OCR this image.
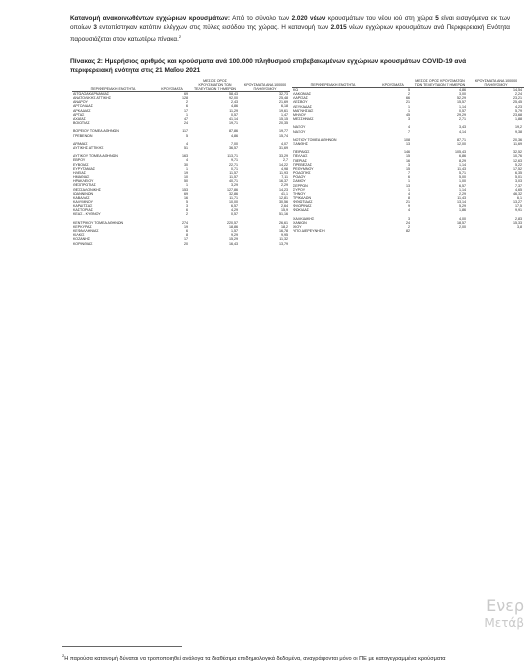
Κατανομή ανακοινωθέντων εγχώριων κρουσμάτων: Από το σύνολο των 2.020 νέων κρουσμάτων του νέου ιού στη χώρα 5 είναι εισαγόμενα εκ των οποίων 3 εντοπίστηκαν κατόπιν ελέγχων στις πύλες εισόδου της χώρας. Η κατανομή των 2.015 νέων εγχώριων κρουσμάτων ανά Περιφερειακή Ενότητα παρουσιάζεται στον κατωτέρω πίνακα.$^2$
Πίνακας 2: Ημερήσιος αριθμός και κρούσματα ανά 100.000 πληθυσμού επιβεβαιωμένων εγχώριων κρουσμάτων COVID-19 ανά περιφερειακή ενότητα στις 21 Μαΐου 2021
ΠΕΡΙΦΕΡΕΙΑΚΗ ΕΝΟΤΗΤΑ	ΚΡΟΥΣΜΑΤΑ	ΜΕΣΟΣ ΟΡΟΣ ΚΡΟΥΣΜΑΤΩΝ ΤΩΝ ΤΕΛΕΥΤΑΙΩΝ 7 ΗΜΕΡΩΝ	ΚΡΟΥΣΜΑΤΑ ΑΝΑ 100000 ΠΛΗΘΥΣΜΟΥ
ΑΙΤΩΛΟΑΚΑΡΝΑΝΙΑΣ	69	58,43	32,73
ΑΝΑΤΟΛΙΚΗΣ ΑΤΤΙΚΗΣ	128	92,00	25,48
ΑΝΔΡΟΥ	2	2,43	21,69
ΑΡΓΟΛΙΔΑΣ	6	4,86	6,18
ΑΡΚΑΔΙΑΣ	17	11,29	19,61
ΑΡΤΑΣ	1	0,57	1,47
ΑΧΑΪΑΣ	47	41,14	15,15
ΒΟΙΩΤΙΑΣ	24	19,71	20,35

ΒΟΡΕΙΟΥ ΤΟΜΕΑ ΑΘΗΝΩΝ	117	87,86	19,77
ΓΡΕΒΕΝΩΝ	5	4,86	15,74

ΔΡΑΜΑΣ	4	7,00	4,07
ΔΥΤΙΚΗΣ ΑΤΤΙΚΗΣ	51	36,57	31,69

ΔΥΤΙΚΟΥ ΤΟΜΕΑ ΑΘΗΝΩΝ	163	113,71	33,29
ΕΒΡΟΥ	4	9,71	2,7
ΕΥΒΟΙΑΣ	30	22,71	14,22
ΕΥΡΥΤΑΝΙΑΣ	1	0,71	4,98
ΗΛΕΙΑΣ	19	11,57	11,93
ΗΜΑΘΙΑΣ	10	11,57	7,11
ΗΡΑΚΛΕΙΟΥ	50	40,71	16,37
ΘΕΣΠΡΩΤΙΑΣ	1	3,29	2,29
ΘΕΣΣΑΛΟΝΙΚΗΣ	153	127,86	14,23
ΙΩΑΝΝΙΝΩΝ	69	32,86	41,1
ΚΑΒΑΛΑΣ	16	11,71	12,81
ΚΑΛΥΜΝΟΥ	5	10,00	30,56
ΚΑΡΔΙΤΣΑΣ	3	6,57	2,64
ΚΑΣΤΟΡΙΑΣ	6	4,29	15,9
ΚΕΑΣ - ΚΥΘΝΟΥ	2	0,57	51,16

ΚΕΝΤΡΙΚΟΥ ΤΟΜΕΑ ΑΘΗΝΩΝ	274	220,57	26,61
ΚΕΡΚΥΡΑΣ	19	18,86	18,2
ΚΕΦΑΛΛΗΝΙΑΣ	6	1,57	16,78
ΚΙΛΚΙΣ	8	9,29	9,95
ΚΟΖΑΝΗΣ	17	15,29	11,32
ΚΟΡΙΝΘΙΑΣ	20	16,43	13,79
ΠΕΡΙΦΕΡΕΙΑΚΗ ΕΝΟΤΗΤΑ	ΚΡΟΥΣΜΑΤΑ	ΜΕΣΟΣ ΟΡΟΣ ΚΡΟΥΣΜΑΤΩΝ ΤΩΝ ΤΕΛΕΥΤΑΙΩΝ 7 ΗΜΕΡΩΝ	ΚΡΟΥΣΜΑΤΑ ΑΝΑ 100000 ΠΛΗΘΥΣΜΟΥ
ΚΩ	5	4,86	14,54
ΛΑΚΩΝΙΑΣ	2	3,00	2,24
ΛΑΡΙΣΑΣ	66	52,29	23,21
ΛΕΣΒΟΥ	21	15,57	25,45
ΛΕΥΚΑΔΑΣ	1	1,14	4,23
ΜΑΓΝΗΣΙΑΣ	1	0,57	5,79
ΜΗΛΟΥ	45	29,29	23,68
ΜΕΣΣΗΝΙΑΣ	3	2,71	1,88

ΝΑΞΟΥ	4	3,43	19,2
ΝΑΞΟΥ	7	4,14	9,38

ΝΟΤΙΟΥ ΤΟΜΕΑ ΑΘΗΝΩΝ	108	87,71	20,36
ΞΑΝΘΗΣ	13	12,00	11,69

ΠΕΙΡΑΙΩΣ	146	105,43	32,52
ΠΕΛΛΑΣ	15	6,86	10,76
ΠΙΕΡΙΑΣ	16	8,29	12,63
ΠΡΕΒΕΖΑΣ	3	1,14	5,22
ΡΕΘΥΜΝΟΥ	15	11,43	17,52
ΡΟΔΟΠΗΣ	7	5,71	6,35
ΡΟΔΟΥ	6	5,00	5,01
ΣΑΜΟΥ	1	1,00	3,03
ΣΕΡΡΩΝ	13	6,57	7,37
ΣΥΡΟΥ	1	1,14	4,65
ΤΗΝΟΥ	4	2,29	46,32
ΤΡΙΚΑΛΩΝ	8	11,43	6,1
ΦΘΙΩΤΙΔΑΣ	21	13,14	13,27
ΦΛΩΡΙΝΑΣ	9	5,29	17,5
ΦΩΚΙΔΑΣ	4	1,86	9,91

ΧΑΛΚΙΔΙΚΗΣ	3	4,00	2,83
ΧΑΝΙΩΝ	24	18,57	15,33
ΧΙΟΥ	2	2,00	3,8
ΥΠΟ ΔΙΕΡΕΥΝΗΣΗ	82		
Ενερ
Μετάβ
$^2$Η παρούσα κατανομή δύναται να τροποποιηθεί ανάλογα τα διαθέσιμα επιδημιολογικά δεδομένα, αναγράφονται μόνο οι ΠΕ με καταγεγραμμένα κρούσματα
